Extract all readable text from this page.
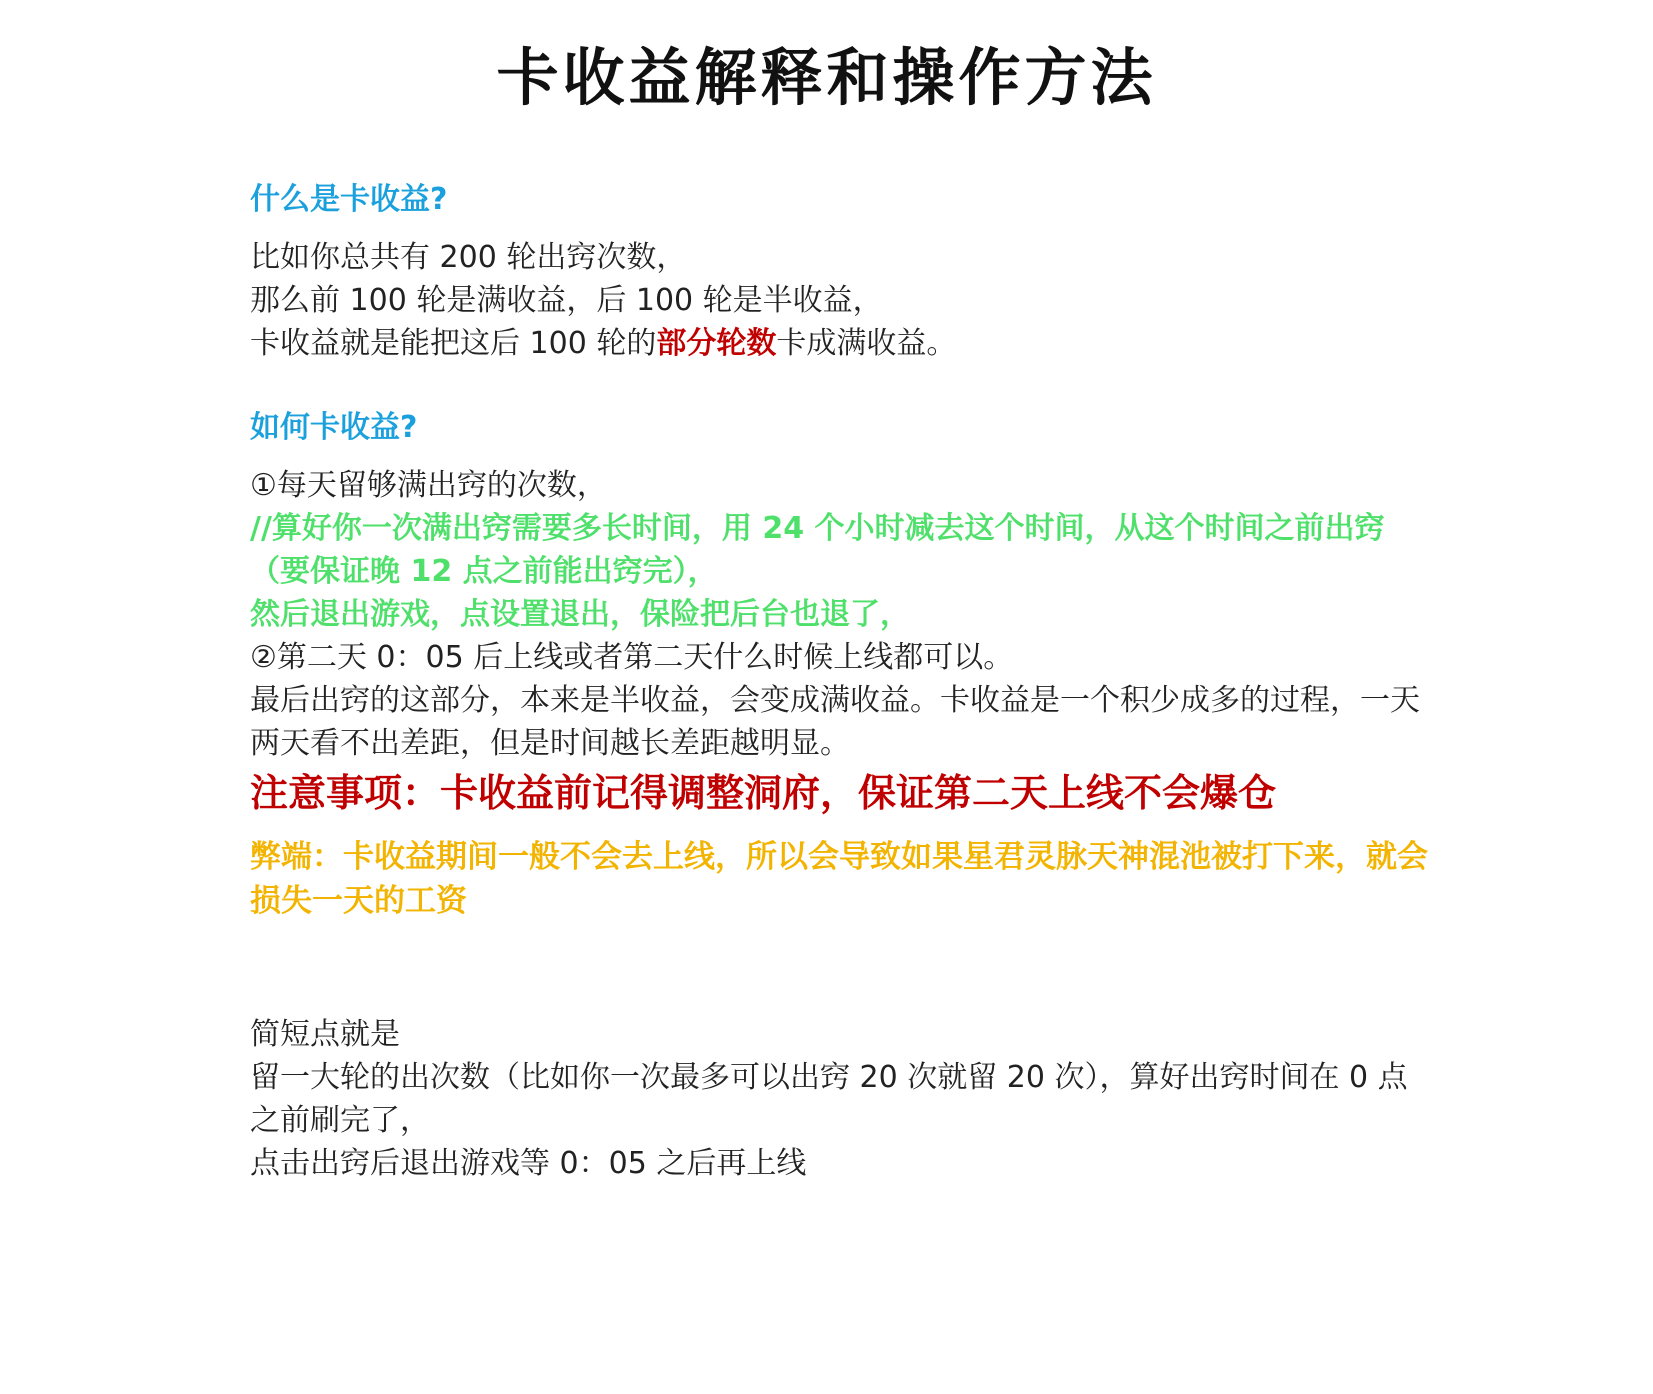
卡收益解释和操作方法
什么是卡收益?

比如你总共有 200 轮出窍次数，

那么前 100 轮是满收益，后 100 轮是半收益，

卡收益就是能把这后 100 轮的部分轮数卡成满收益。

如何卡收益?

①每天留够满出窍的次数，

//算好你一次满出窍需要多长时间，用 24 个小时减去这个时间，从这个时间之前出窍（要保证晚 12 点之前能出窍完），
然后退出游戏，点设置退出，保险把后台也退了，

②第二天 0：05 后上线或者第二天什么时候上线都可以。

最后出窍的这部分，本来是半收益，会变成满收益。卡收益是一个积少成多的过程，一天两天看不出差距，但是时间越长差距越明显。

注意事项：卡收益前记得调整洞府，保证第二天上线不会爆仓

弊端：卡收益期间一般不会去上线，所以会导致如果星君灵脉天神混池被打下来，就会损失一天的工资

简短点就是

留一大轮的出次数（比如你一次最多可以出窍 20 次就留 20 次），算好出窍时间在 0 点之前刷完了，

点击出窍后退出游戏等 0：05 之后再上线
